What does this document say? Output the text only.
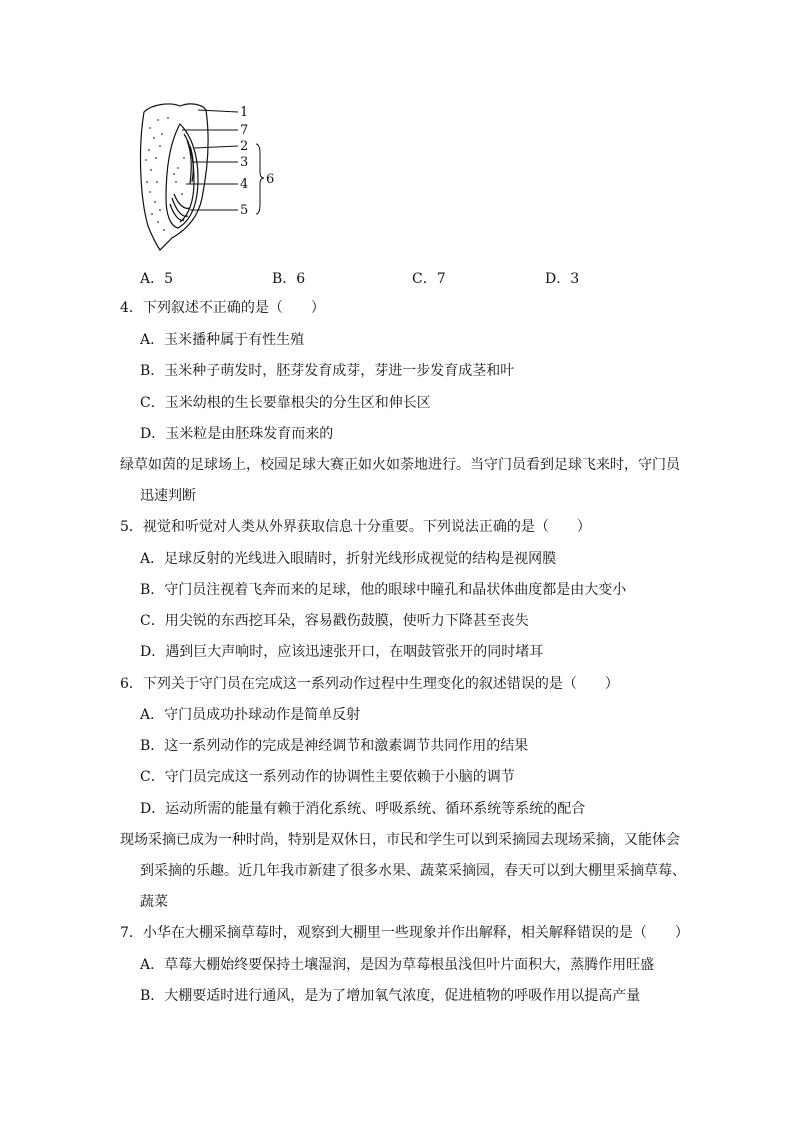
1
7
2
3
4
5
6
A．5	B．6	C．7	D．3
4．下列叙述不正确的是（　　）
A．玉米播种属于有性生殖
B．玉米种子萌发时，胚芽发育成芽，芽进一步发育成茎和叶
C．玉米幼根的生长要靠根尖的分生区和伸长区
D．玉米粒是由胚珠发育而来的
绿草如茵的足球场上，校园足球大赛正如火如荼地进行。当守门员看到足球飞来时，守门员
迅速判断
5．视觉和听觉对人类从外界获取信息十分重要。下列说法正确的是（　　）
A．足球反射的光线进入眼睛时，折射光线形成视觉的结构是视网膜
B．守门员注视着飞奔而来的足球，他的眼球中瞳孔和晶状体曲度都是由大变小
C．用尖锐的东西挖耳朵，容易戳伤鼓膜，使听力下降甚至丧失
D．遇到巨大声响时，应该迅速张开口，在咽鼓管张开的同时堵耳
6．下列关于守门员在完成这一系列动作过程中生理变化的叙述错误的是（　　）
A．守门员成功扑球动作是简单反射
B．这一系列动作的完成是神经调节和激素调节共同作用的结果
C．守门员完成这一系列动作的协调性主要依赖于小脑的调节
D．运动所需的能量有赖于消化系统、呼吸系统、循环系统等系统的配合
现场采摘已成为一种时尚，特别是双休日，市民和学生可以到采摘园去现场采摘，又能体会
到采摘的乐趣。近几年我市新建了很多水果、蔬菜采摘园，春天可以到大棚里采摘草莓、
蔬菜
7．小华在大棚采摘草莓时，观察到大棚里一些现象并作出解释，相关解释错误的是（　　）
A．草莓大棚始终要保持土壤湿润，是因为草莓根虽浅但叶片面积大，蒸腾作用旺盛
B．大棚要适时进行通风，是为了增加氧气浓度，促进植物的呼吸作用以提高产量
